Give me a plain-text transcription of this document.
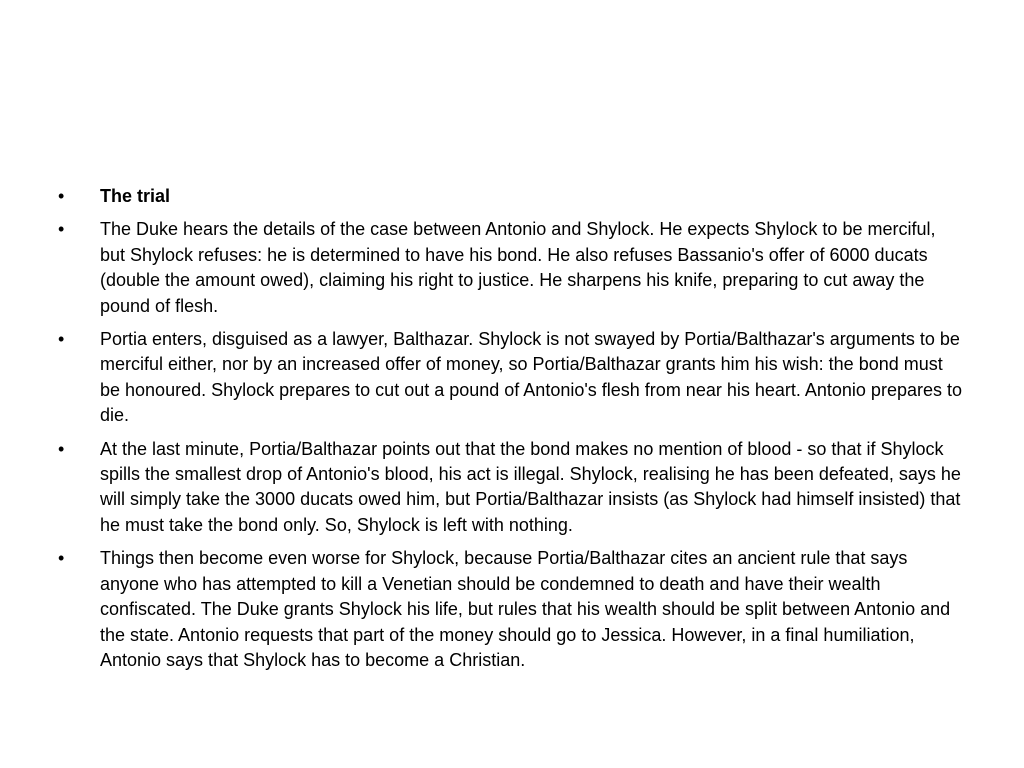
•	The trial
•	The Duke hears the details of the case between Antonio and Shylock. He expects Shylock to be merciful, but Shylock refuses: he is determined to have his bond. He also refuses Bassanio's offer of 6000 ducats (double the amount owed), claiming his right to justice. He sharpens his knife, preparing to cut away the pound of flesh.
•	Portia enters, disguised as a lawyer, Balthazar. Shylock is not swayed by Portia/Balthazar's arguments to be merciful either, nor by an increased offer of money, so Portia/Balthazar grants him his wish: the bond must be honoured. Shylock prepares to cut out a pound of Antonio's flesh from near his heart. Antonio prepares to die.
•	At the last minute, Portia/Balthazar points out that the bond makes no mention of blood - so that if Shylock spills the smallest drop of Antonio's blood, his act is illegal. Shylock, realising he has been defeated, says he will simply take the 3000 ducats owed him, but Portia/Balthazar insists (as Shylock had himself insisted) that he must take the bond only. So, Shylock is left with nothing.
•	Things then become even worse for Shylock, because Portia/Balthazar cites an ancient rule that says anyone who has attempted to kill a Venetian should be condemned to death and have their wealth confiscated. The Duke grants Shylock his life, but rules that his wealth should be split between Antonio and the state. Antonio requests that part of the money should go to Jessica. However, in a final humiliation, Antonio says that Shylock has to become a Christian.
